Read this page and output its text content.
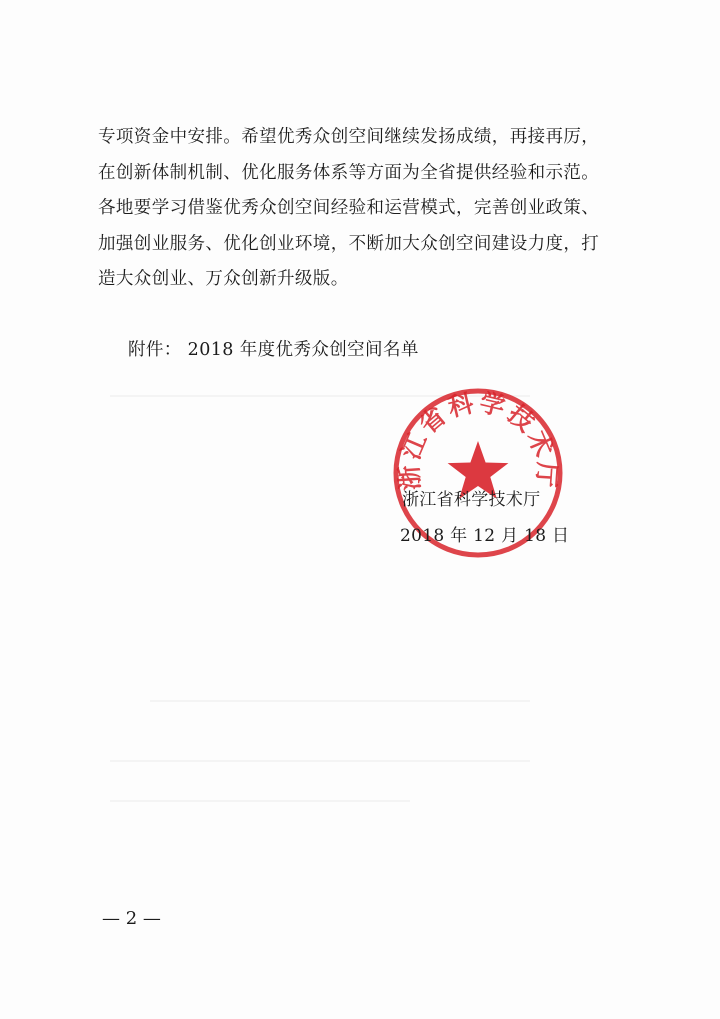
专项资金中安排。希望优秀众创空间继续发扬成绩，再接再厉，

在创新体制机制、优化服务体系等方面为全省提供经验和示范。

各地要学习借鉴优秀众创空间经验和运营模式，完善创业政策、

加强创业服务、优化创业环境，不断加大众创空间建设力度，打

造大众创业、万众创新升级版。

附件： 2018 年度优秀众创空间名单
浙江省科学技术厅
浙江省科学技术厅
2018 年 12 月 18 日
— 2 —
